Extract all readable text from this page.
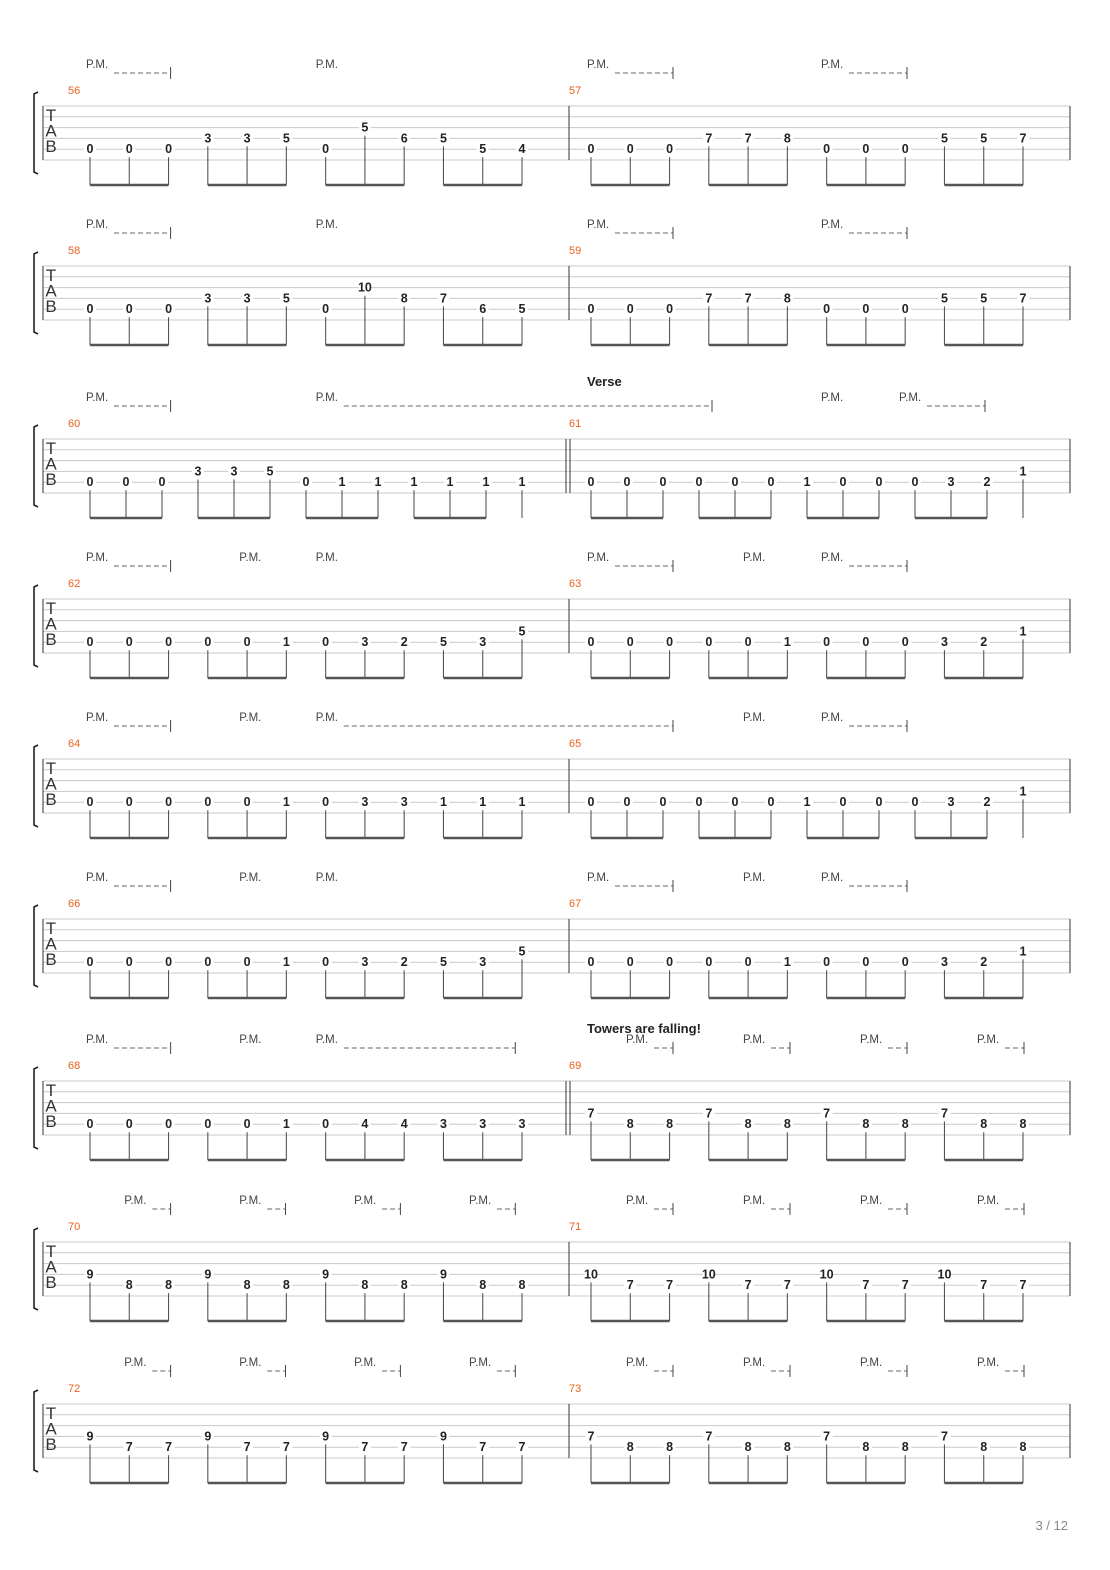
T
A
B
56
0	0	0
3	3	5
0
5
6	5
5	4
57
0	0	0
7	7	8
0	0	0
5	5	7
P.M.	P.M.	P.M.	P.M.
T
A
B
58
0	0	0
3	3	5
0
10
8	7
6	5
59
0	0	0
7	7	8
0	0	0
5	5	7
P.M.	P.M.	P.M.	P.M.
T
A
B
60
0 0 0
3 3 5
0 1 1 1 1 1 1
61
0 0 0 0 0 0 1 0 0 0 3 2
1
P.M.	P.M.	P.M.	P.M.
Verse
T
A
B
62
0	0	0	0	0	1	0	3	2	5	3
5
63
0	0	0	0	0	1	0	0	0	3	2
1
P.M.	P.M.	P.M.	P.M.	P.M.	P.M.
T
A
B
64
0	0	0	0	0	1	0	3	3	1	1	1
65
0 0 0 0 0 0 1 0 0 0 3 2
1
P.M.	P.M.	P.M.	P.M.	P.M.
T
A
B
66
0	0	0	0	0	1	0	3	2	5	3
5
67
0	0	0	0	0	1	0	0	0	3	2
1
P.M.	P.M.	P.M.	P.M.	P.M.	P.M.
T
A
B
68
0	0	0	0	0	1	0	4	4	3	3	3
69
7
8	8
7
8	8
7
8	8
7
8	8
P.M.	P.M.	P.M.	P.M.	P.M.	P.M.	P.M.
Towers are falling!
T
A
B
70
9
8	8
9
8	8
9
8	8
9
8	8
71
10
7	7
10
7	7
10
7	7
10
7	7
P.M.	P.M.	P.M.	P.M.	P.M.	P.M.	P.M.	P.M.
T
A
B
72
9
7	7
9
7	7
9
7	7
9
7	7
73
7
8	8
7
8	8
7
8	8
7
8	8
P.M.	P.M.	P.M.	P.M.	P.M.	P.M.	P.M.	P.M.
3 / 12
